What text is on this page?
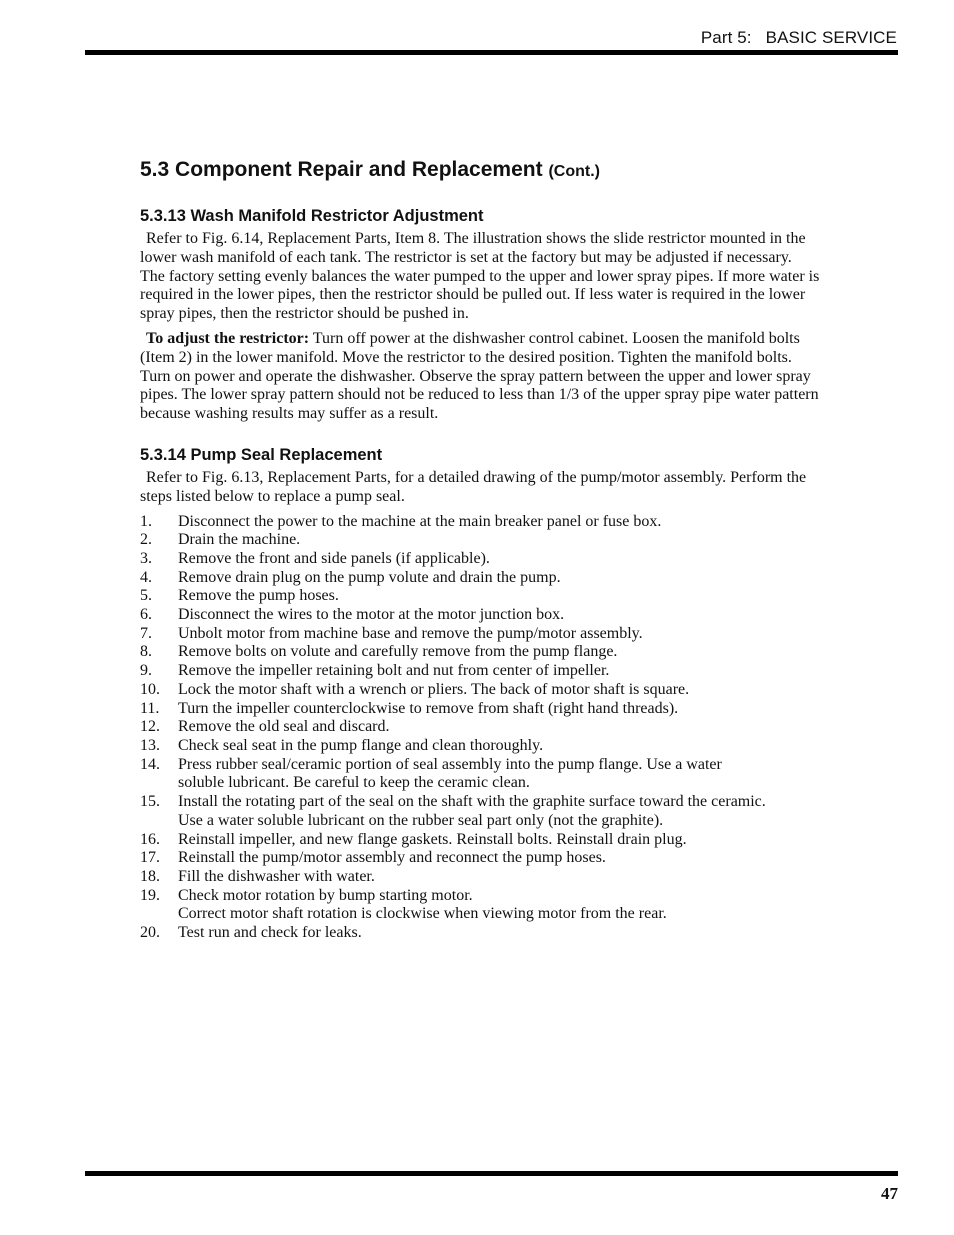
Part 5: BASIC SERVICE
5.3 Component Repair and Replacement (Cont.)
5.3.13 Wash Manifold Restrictor Adjustment

Refer to Fig. 6.14, Replacement Parts, Item 8. The illustration shows the slide restrictor mounted in the lower wash manifold of each tank. The restrictor is set at the factory but may be adjusted if necessary. The factory setting evenly balances the water pumped to the upper and lower spray pipes. If more water is required in the lower pipes, then the restrictor should be pulled out. If less water is required in the lower spray pipes, then the restrictor should be pushed in.

To adjust the restrictor: Turn off power at the dishwasher control cabinet. Loosen the manifold bolts (Item 2) in the lower manifold. Move the restrictor to the desired position. Tighten the manifold bolts. Turn on power and operate the dishwasher. Observe the spray pattern between the upper and lower spray pipes. The lower spray pattern should not be reduced to less than 1/3 of the upper spray pipe water pattern because washing results may suffer as a result.

5.3.14 Pump Seal Replacement

Refer to Fig. 6.13, Replacement Parts, for a detailed drawing of the pump/motor assembly. Perform the steps listed below to replace a pump seal.

1.	Disconnect the power to the machine at the main breaker panel or fuse box.
2.	Drain the machine.
3.	Remove the front and side panels (if applicable).
4.	Remove drain plug on the pump volute and drain the pump.
5.	Remove the pump hoses.
6.	Disconnect the wires to the motor at the motor junction box.
7.	Unbolt motor from machine base and remove the pump/motor assembly.
8.	Remove bolts on volute and carefully remove from the pump flange.
9.	Remove the impeller retaining bolt and nut from center of impeller.
10.	Lock the motor shaft with a wrench or pliers. The back of motor shaft is square.
11.	Turn the impeller counterclockwise to remove from shaft (right hand threads).
12.	Remove the old seal and discard.
13.	Check seal seat in the pump flange and clean thoroughly.
14.	Press rubber seal/ceramic portion of seal assembly into the pump flange. Use a water
soluble lubricant. Be careful to keep the ceramic clean.
15.	Install the rotating part of the seal on the shaft with the graphite surface toward the ceramic.
Use a water soluble lubricant on the rubber seal part only (not the graphite).
16.	Reinstall impeller, and new flange gaskets. Reinstall bolts. Reinstall drain plug.
17.	Reinstall the pump/motor assembly and reconnect the pump hoses.
18.	Fill the dishwasher with water.
19.	Check motor rotation by bump starting motor.
Correct motor shaft rotation is clockwise when viewing motor from the rear.
20.	Test run and check for leaks.
47
